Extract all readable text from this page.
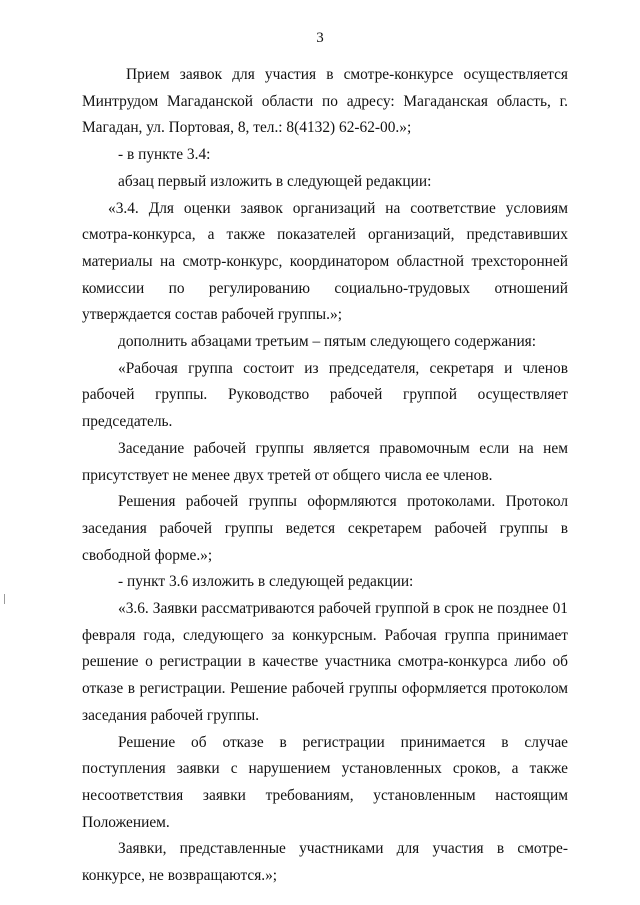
3

Прием заявок для участия в смотре-конкурсе осуществляется Минтрудом Магаданской области по адресу: Магаданская область, г. Магадан, ул. Портовая, 8, тел.: 8(4132) 62-62-00.»;

- в пункте 3.4:

абзац первый изложить в следующей редакции:

«3.4. Для оценки заявок организаций на соответствие условиям смотра-конкурса, а также показателей организаций, представивших материалы на смотр-конкурс, координатором областной трехсторонней комиссии по регулированию социально-трудовых отношений утверждается состав рабочей группы.»;

дополнить абзацами третьим – пятым следующего содержания:

«Рабочая группа состоит из председателя, секретаря и членов рабочей группы. Руководство рабочей группой осуществляет председатель.

Заседание рабочей группы является правомочным если на нем присутствует не менее двух третей от общего числа ее членов.

Решения рабочей группы оформляются протоколами. Протокол заседания рабочей группы ведется секретарем рабочей группы в свободной форме.»;

- пункт 3.6 изложить в следующей редакции:

«3.6. Заявки рассматриваются рабочей группой в срок не позднее 01 февраля года, следующего за конкурсным. Рабочая группа принимает решение о регистрации в качестве участника смотра-конкурса либо об отказе в регистрации. Решение рабочей группы оформляется протоколом заседания рабочей группы.

Решение об отказе в регистрации принимается в случае поступления заявки с нарушением установленных сроков, а также несоответствия заявки требованиям, установленным настоящим Положением.

Заявки, представленные участниками для участия в смотре-конкурсе, не возвращаются.»;
